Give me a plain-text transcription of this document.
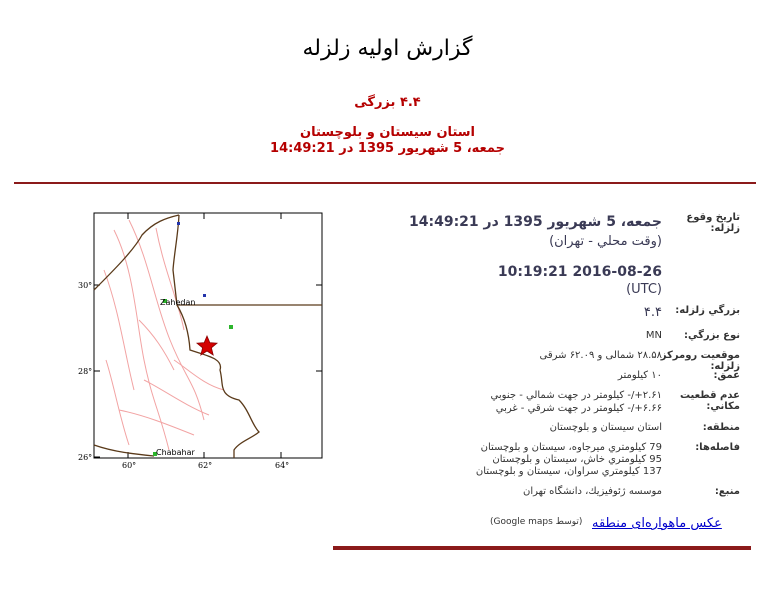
گزارش اولیه زلزله
۴.۴ بزرگی
استان سیستان و بلوچستان
جمعه، 5 شهریور 1395 در 14:49:21
Zahedan
Chabahar
30°
28°
26°
60°	62°	64°
تاریخ وقوع زلزله:
جمعه، 5 شهریور 1395 در 14:49:21
(وقت محلي - تهران)
2016-08-26 10:19:21
(UTC)
بزرگي زلزله:
۴.۴
نوع بزرگي:
MN
موقعيت رومركز زلزله:
۲۸.۵۸ شمالی و ۶۲.۰۹ شرقی
عمق:
۱۰ كيلومتر
عدم قطعيت مكاني:
۲.۶۱+/- كيلومتر در جهت شمالي - جنوبي
۶.۶۶+/- كيلومتر در جهت شرقي - غربي
منطقه:
استان سیستان و بلوچستان
فاصله‌ها:
79 كيلومتري ميرجاوه، سيستان و بلوچستان
95 كيلومتري خاش، سيستان و بلوچستان
137 كيلومتري سراوان، سيستان و بلوچستان
منبع:
موسسه ژئوفيزيك، دانشگاه تهران
عکس ماهواره‌ای منطقه
(توسط Google maps)
